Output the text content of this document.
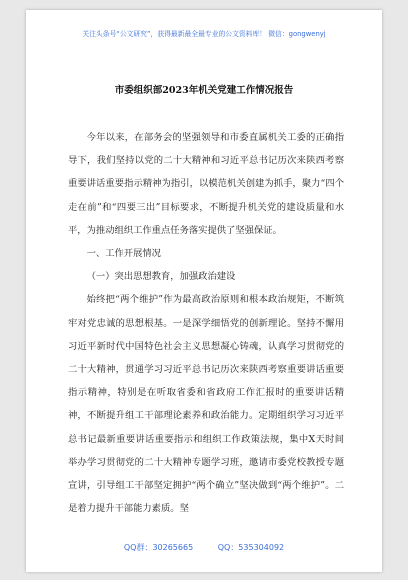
关注头条号“公文研究”，获得最新最全最专业的公文资料库！ 微信：gongwenyj
市委组织部2023年机关党建工作情况报告

今年以来，在部务会的坚强领导和市委直属机关工委的正确指导下，我们坚持以党的二十大精神和习近平总书记历次来陕西考察重要讲话重要指示精神为指引，以模范机关创建为抓手，聚力“四个走在前”和“四要三出”目标要求，不断提升机关党的建设质量和水平，为推动组织工作重点任务落实提供了坚强保证。

一、工作开展情况

（一）突出思想教育，加强政治建设

始终把“两个维护”作为最高政治原则和根本政治规矩，不断筑牢对党忠诚的思想根基。一是深学细悟党的创新理论。坚持不懈用习近平新时代中国特色社会主义思想凝心铸魂，认真学习贯彻党的二十大精神，贯通学习习近平总书记历次来陕西考察重要讲话重要指示精神，特别是在听取省委和省政府工作汇报时的重要讲话精神，不断提升组工干部理论素养和政治能力。定期组织学习习近平总书记最新重要讲话重要指示和组织工作政策法规，集中X天时间举办学习贯彻党的二十大精神专题学习班，邀请市委党校教授专题宣讲，引导组工干部坚定拥护“两个确立”坚决做到“两个维护”。二是着力提升干部能力素质。坚

QQ群：30265665	QQ：535304092
